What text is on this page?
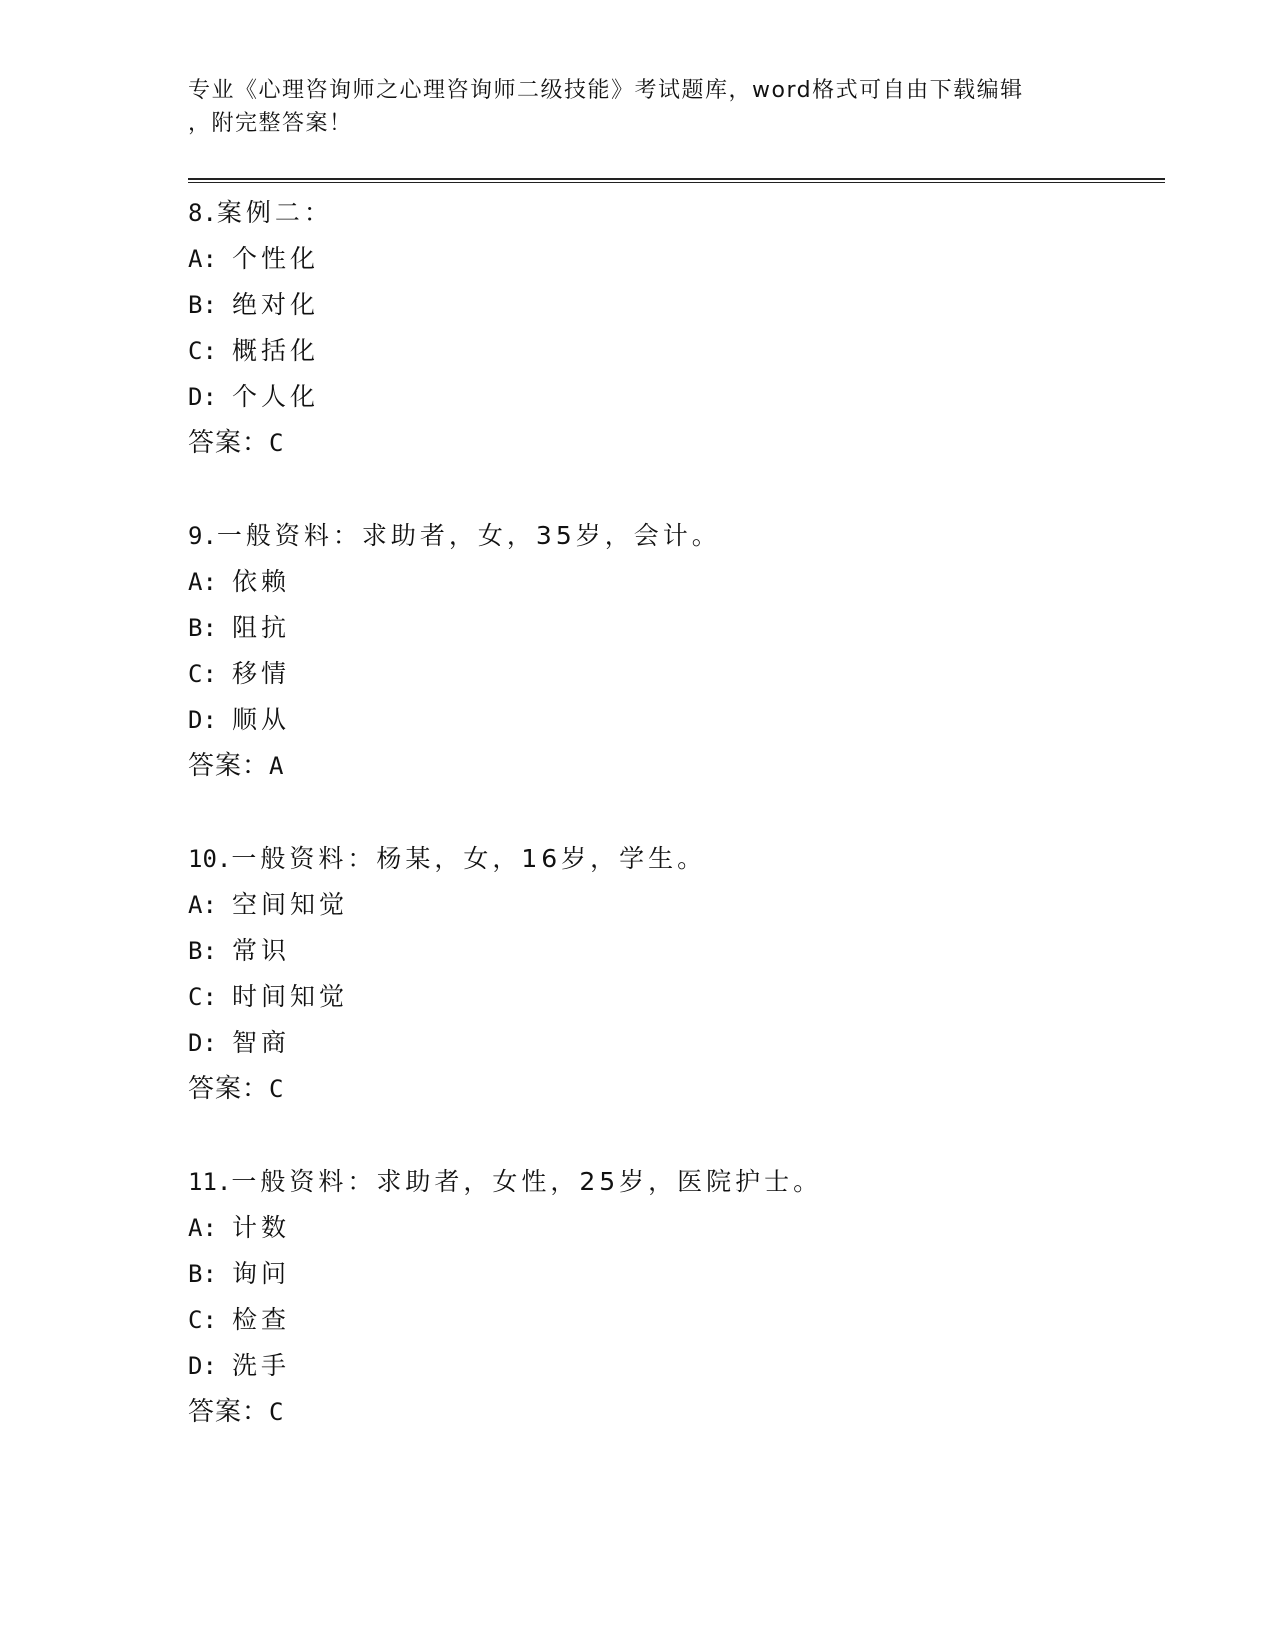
专业《心理咨询师之心理咨询师二级技能》考试题库，word格式可自由下载编辑

，附完整答案！

8.案例二：
A: 个性化
B: 绝对化
C: 概括化
D: 个人化
答案：C
9.一般资料：求助者，女，35岁，会计。
A: 依赖
B: 阻抗
C: 移情
D: 顺从
答案：A
10.一般资料：杨某，女，16岁，学生。
A: 空间知觉
B: 常识
C: 时间知觉
D: 智商
答案：C
11.一般资料：求助者，女性，25岁，医院护士。
A: 计数
B: 询问
C: 检查
D: 洗手
答案：C
